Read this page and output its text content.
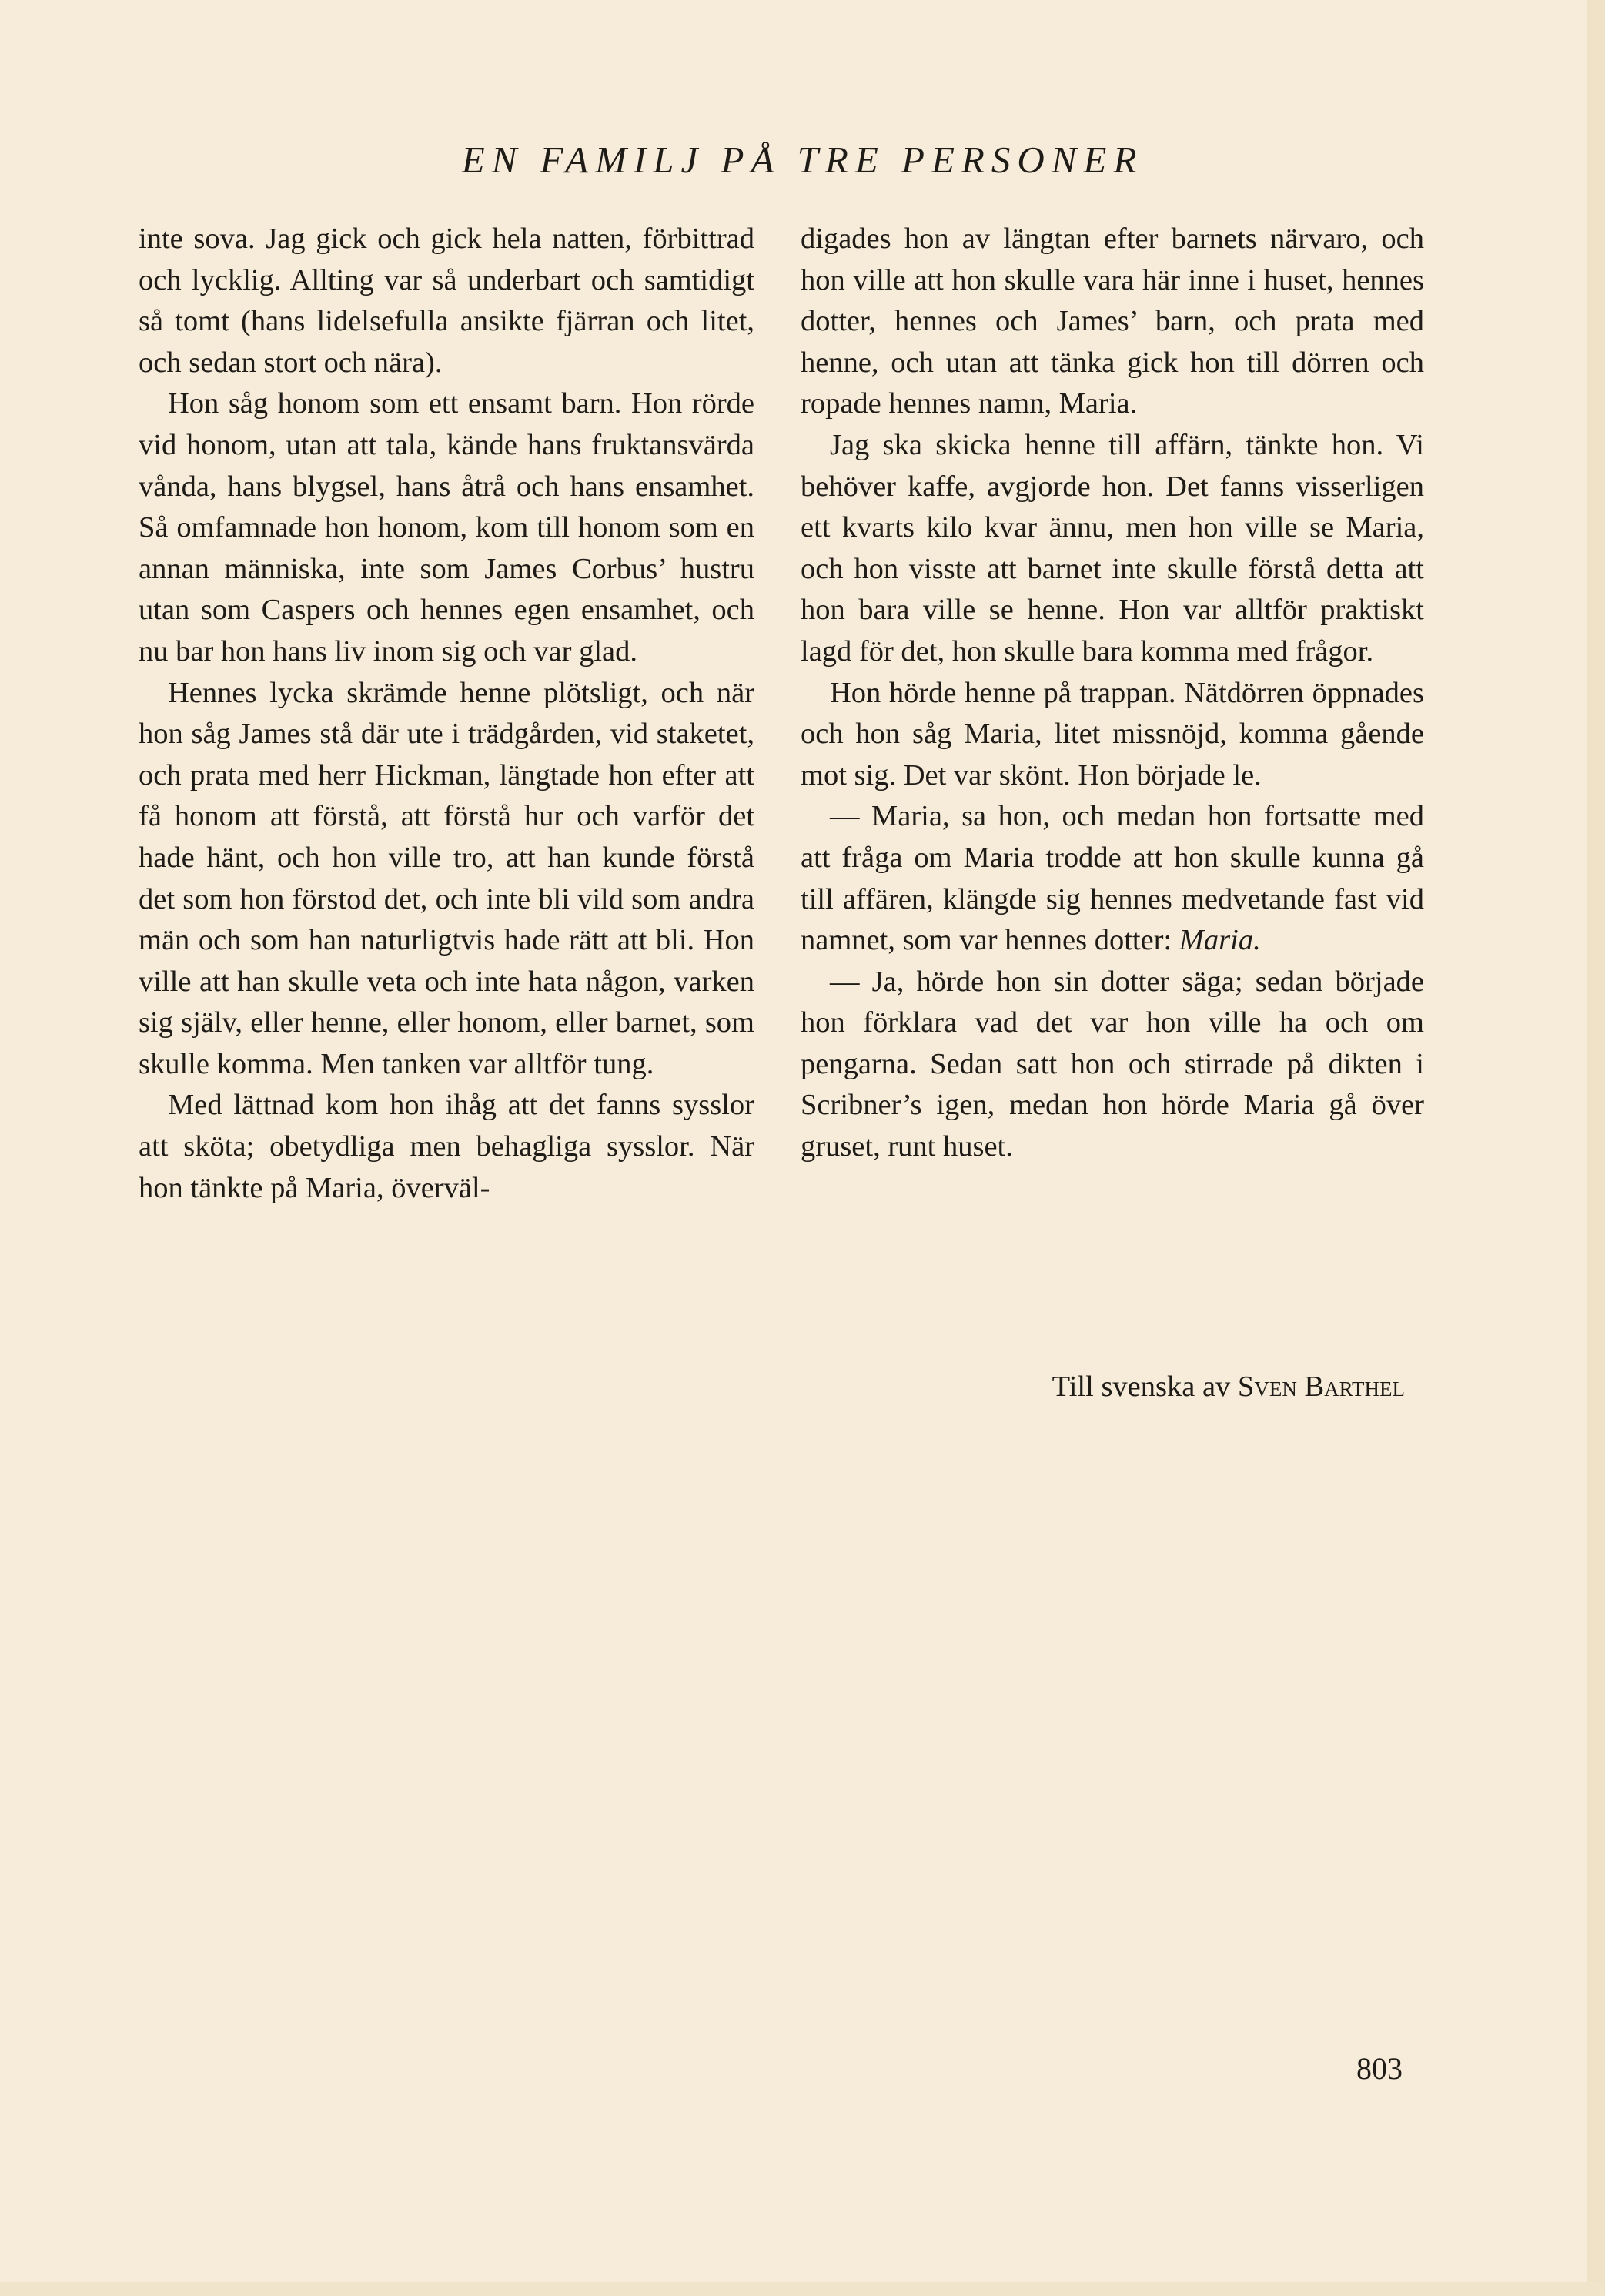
EN FAMILJ PÅ TRE PERSONER

inte sova. Jag gick och gick hela natten, förbittrad och lycklig. Allting var så underbart och samtidigt så tomt (hans lidelsefulla ansikte fjärran och litet, och sedan stort och nära).

Hon såg honom som ett ensamt barn. Hon rörde vid honom, utan att tala, kände hans fruktansvärda vånda, hans blygsel, hans åtrå och hans ensamhet. Så omfamnade hon honom, kom till honom som en annan människa, inte som James Corbus’ hustru utan som Caspers och hennes egen ensamhet, och nu bar hon hans liv inom sig och var glad.

Hennes lycka skrämde henne plötsligt, och när hon såg James stå där ute i trädgården, vid staketet, och prata med herr Hickman, längtade hon efter att få honom att förstå, att förstå hur och varför det hade hänt, och hon ville tro, att han kunde förstå det som hon förstod det, och inte bli vild som andra män och som han naturligtvis hade rätt att bli. Hon ville att han skulle veta och inte hata någon, varken sig själv, eller henne, eller honom, eller barnet, som skulle komma. Men tanken var alltför tung.

Med lättnad kom hon ihåg att det fanns sysslor att sköta; obetydliga men behagliga sysslor. När hon tänkte på Maria, överväl-

digades hon av längtan efter barnets närvaro, och hon ville att hon skulle vara här inne i huset, hennes dotter, hennes och James’ barn, och prata med henne, och utan att tänka gick hon till dörren och ropade hennes namn, Maria.

Jag ska skicka henne till affärn, tänkte hon. Vi behöver kaffe, avgjorde hon. Det fanns visserligen ett kvarts kilo kvar ännu, men hon ville se Maria, och hon visste att barnet inte skulle förstå detta att hon bara ville se henne. Hon var alltför praktiskt lagd för det, hon skulle bara komma med frågor.

Hon hörde henne på trappan. Nätdörren öppnades och hon såg Maria, litet missnöjd, komma gående mot sig. Det var skönt. Hon började le.

— Maria, sa hon, och medan hon fortsatte med att fråga om Maria trodde att hon skulle kunna gå till affären, klängde sig hennes medvetande fast vid namnet, som var hennes dotter: Maria.

— Ja, hörde hon sin dotter säga; sedan började hon förklara vad det var hon ville ha och om pengarna. Sedan satt hon och stirrade på dikten i Scribner’s igen, medan hon hörde Maria gå över gruset, runt huset.

Till svenska av Sven Barthel
803
